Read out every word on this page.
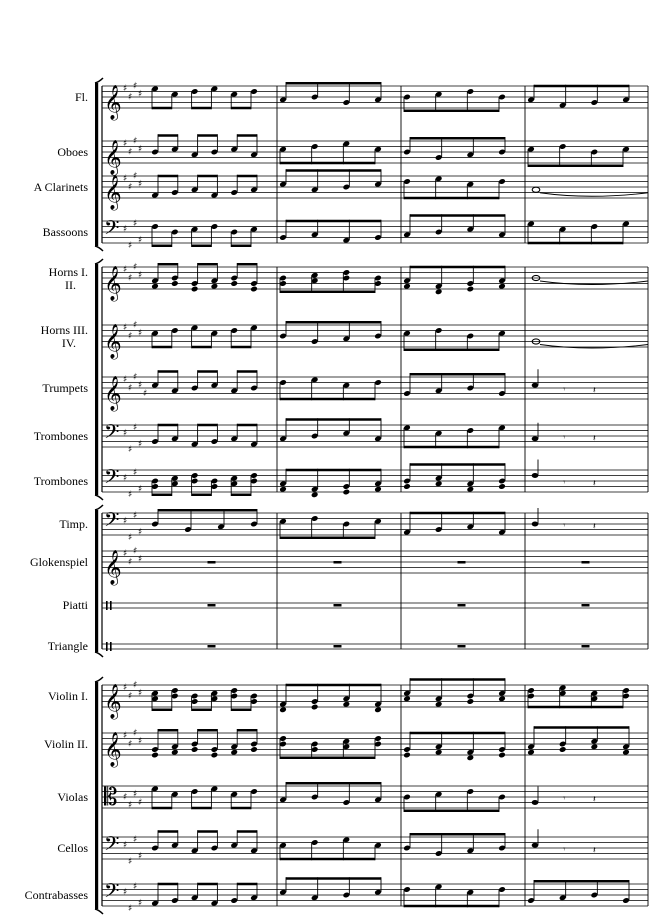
𝄞 ♯
♯
♯
♯
Fl.
𝄞 ♯
♯
♯
♯
Oboes
𝄞 ♯
♯
♯
♯
A Clarinets
𝄢 ♯
♯
♯
♯
Bassoons
𝄞 ♯
♯
♯
♯
Horns I.
II.
𝄞 ♯
♯
♯
♯
Horns III.
IV.
𝄞 ♯
♯
♯
♯
♯	𝄾	𝄽
Trumpets
𝄢 ♯
♯
♯
♯
𝄾	𝄽
Trombones
𝄢 ♯
♯
♯
♯
𝄾	𝄽
Trombones
𝄢 ♯
♯
♯
♯
𝄾	𝄽
Timp.
𝄞 ♯
♯
♯
♯
Glokenspiel
Piatti
Triangle
𝄞 ♯
♯
♯
♯
Violin I.
𝄞 ♯
♯
♯
♯
Violin II.
𝄡 ♯
♯
♯
♯	𝄾	𝄽
Violas
𝄢 ♯
♯
♯
♯
𝄾	𝄽
Cellos
𝄢 ♯
♯
♯
♯
Contrabasses
